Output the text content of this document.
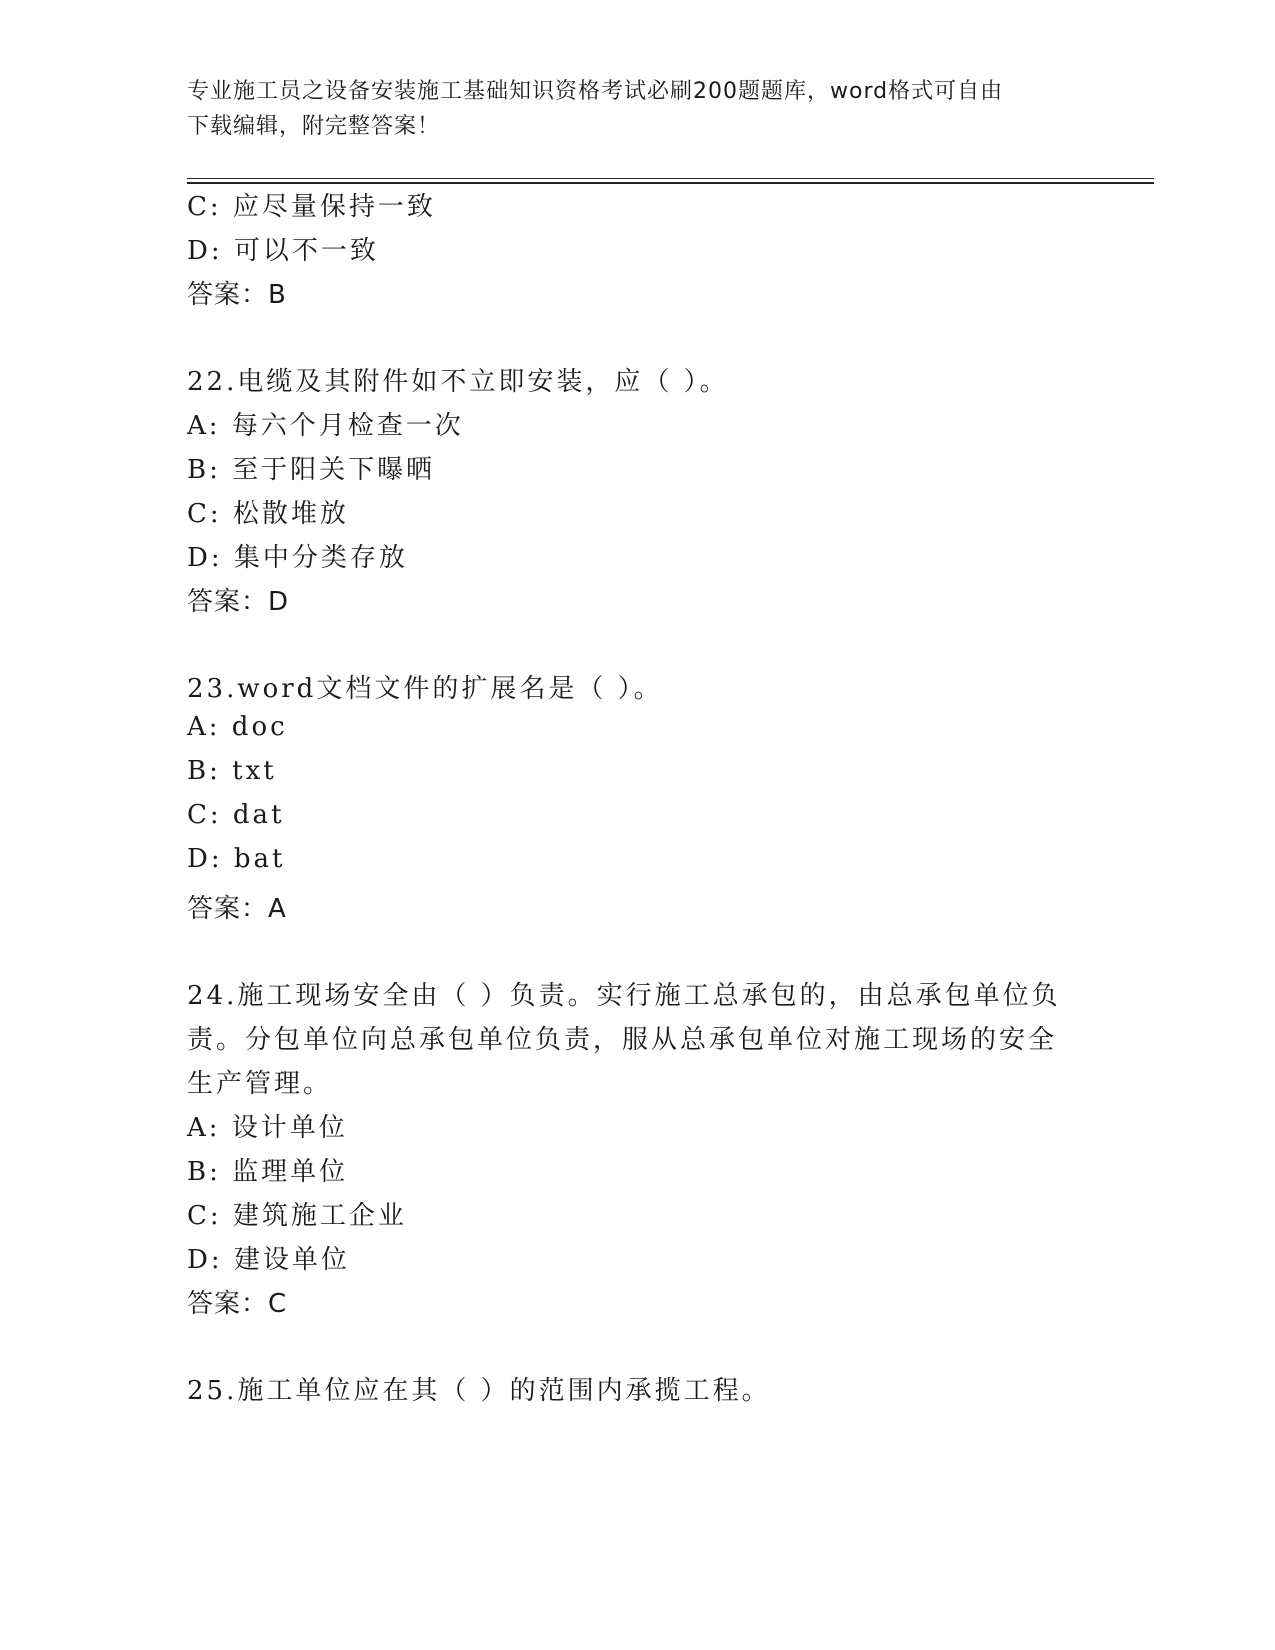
专业施工员之设备安装施工基础知识资格考试必刷200题题库，word格式可自由
下载编辑，附完整答案！
C: 应尽量保持一致
D: 可以不一致
答案：B
22.电缆及其附件如不立即安装，应（ ）。
A: 每六个月检查一次
B: 至于阳关下曝晒
C: 松散堆放
D: 集中分类存放
答案：D
23.word文档文件的扩展名是（ ）。
A: doc
B: txt
C: dat
D: bat
答案：A
24.施工现场安全由（ ）负责。实行施工总承包的，由总承包单位负
责。分包单位向总承包单位负责，服从总承包单位对施工现场的安全
生产管理。
A: 设计单位
B: 监理单位
C: 建筑施工企业
D: 建设单位
答案：C
25.施工单位应在其（ ）的范围内承揽工程。
